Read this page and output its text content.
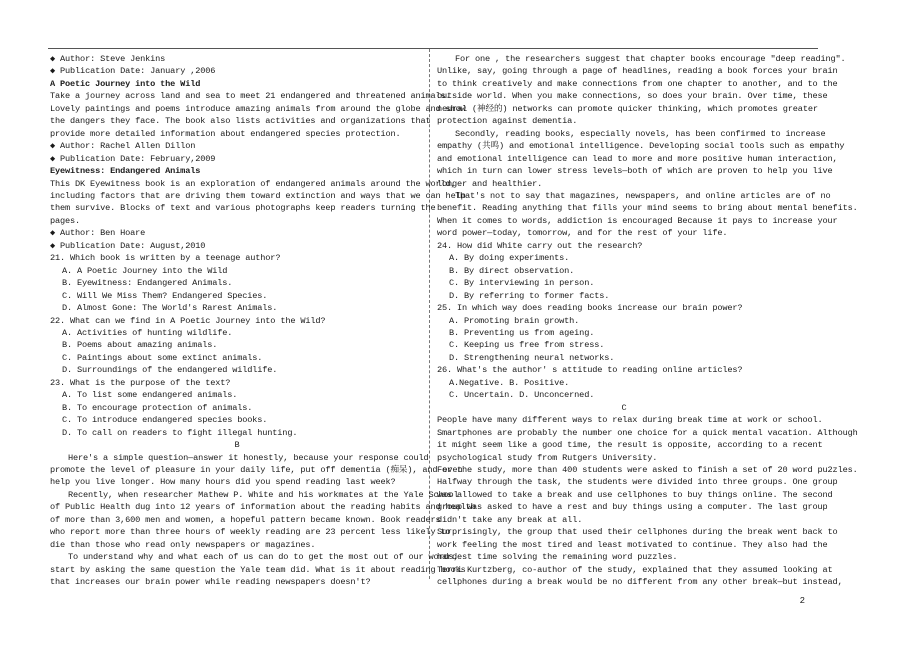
◆ Author: Steve Jenkins
◆ Publication Date: January ,2006
A Poetic Journey into the Wild
Take a journey across land and sea to meet 21 endangered and threatened animals.
Lovely paintings and poems introduce amazing animals from around the globe and show
the dangers they face. The book also lists activities and organizations that
provide more detailed information about endangered species protection.
◆ Author: Rachel Allen Dillon
◆ Publication Date: February,2009
Eyewitness: Endangered Animals
This DK Eyewitness book is an exploration of endangered animals around the world,
including factors that are driving them toward extinction and ways that we can help
them survive. Blocks of text and various photographs keep readers turning the
pages.
◆ Author: Ben Hoare
◆ Publication Date: August,2010
21. Which book is written by a teenage author?
A. A Poetic Journey into the Wild
B. Eyewitness: Endangered Animals.
C. Will We Miss Them? Endangered Species.
D. Almost Gone: The World's Rarest Animals.
22. What can we find in A Poetic Journey into the Wild?
A. Activities of hunting wildlife.
B. Poems about amazing animals.
C. Paintings about some extinct animals.
D. Surroundings of the endangered wildlife.
23. What is the purpose of the text?
A. To list some endangered animals.
B. To encourage protection of animals.
C. To introduce endangered species books.
D. To call on readers to fight illegal hunting.
B
Here's a simple question—answer it honestly, because your response could
promote the level of pleasure in your daily life, put off dementia (痴呆), and even
help you live longer. How many hours did you spend reading last week?
Recently, when researcher Mathew P. White and his workmates at the Yale School
of Public Health dug into 12 years of information about the reading habits and health
of more than 3,600 men and women, a hopeful pattern became known. Book readers
who report more than three hours of weekly reading are 23 percent less likely to
die than those who read only newspapers or magazines.
To understand why and what each of us can do to get the most out of our words,
start by asking the same question the Yale team did. What is it about reading books
that increases our brain power while reading newspapers doesn't?
For one , the researchers suggest that chapter books encourage "deep reading".
Unlike, say, going through a page of headlines, reading a book forces your brain
to think creatively and make connections from one chapter to another, and to the
outside world. When you make connections, so does your brain. Over time, these
neural (神经的) networks can promote quicker thinking, which promotes greater
protection against dementia.
Secondly, reading books, especially novels, has been confirmed to increase
empathy (共鸣) and emotional intelligence. Developing social tools such as empathy
and emotional intelligence can lead to more and more positive human interaction,
which in turn can lower stress levels—both of which are proven to help you live
longer and healthier.
That's not to say that magazines, newspapers, and online articles are of no
benefit. Reading anything that fills your mind seems to bring about mental benefits.
When it comes to words, addiction is encouraged Because it pays to increase your
word power—today, tomorrow, and for the rest of your life.
24. How did White carry out the research?
A. By doing experiments.
B. By direct observation.
C. By interviewing in person.
D. By referring to former facts.
25. In which way does reading books increase our brain power?
A. Promoting brain growth.
B. Preventing us from ageing.
C. Keeping us free from stress.
D. Strengthening neural networks.
26. What's the author' s attitude to reading online articles?
A.Negative. B. Positive.
C. Uncertain. D. Unconcerned.
C
People have many different ways to relax during break time at work or school.
Smartphones are probably the number one choice for a quick mental vacation. Although
it might seem like a good time, the result is opposite, according to a recent
psychological study from Rutgers University.
For the study, more than 400 students were asked to finish a set of 20 word pu2zles.
Halfway through the task, the students were divided into three groups. One group
was allowed to take a break and use cellphones to buy things online. The second
group was asked to have a rest and buy things using a computer. The last group
didn't take any break at all.
Surprisingly, the group that used their cellphones during the break went back to
work feeling the most tired and least motivated to continue. They also had the
hardest time solving the remaining word puzzles.
Terri Kurtzberg, co-author of the study, explained that they assumed looking at
cellphones during a break would be no different from any other break—but instead,
2
